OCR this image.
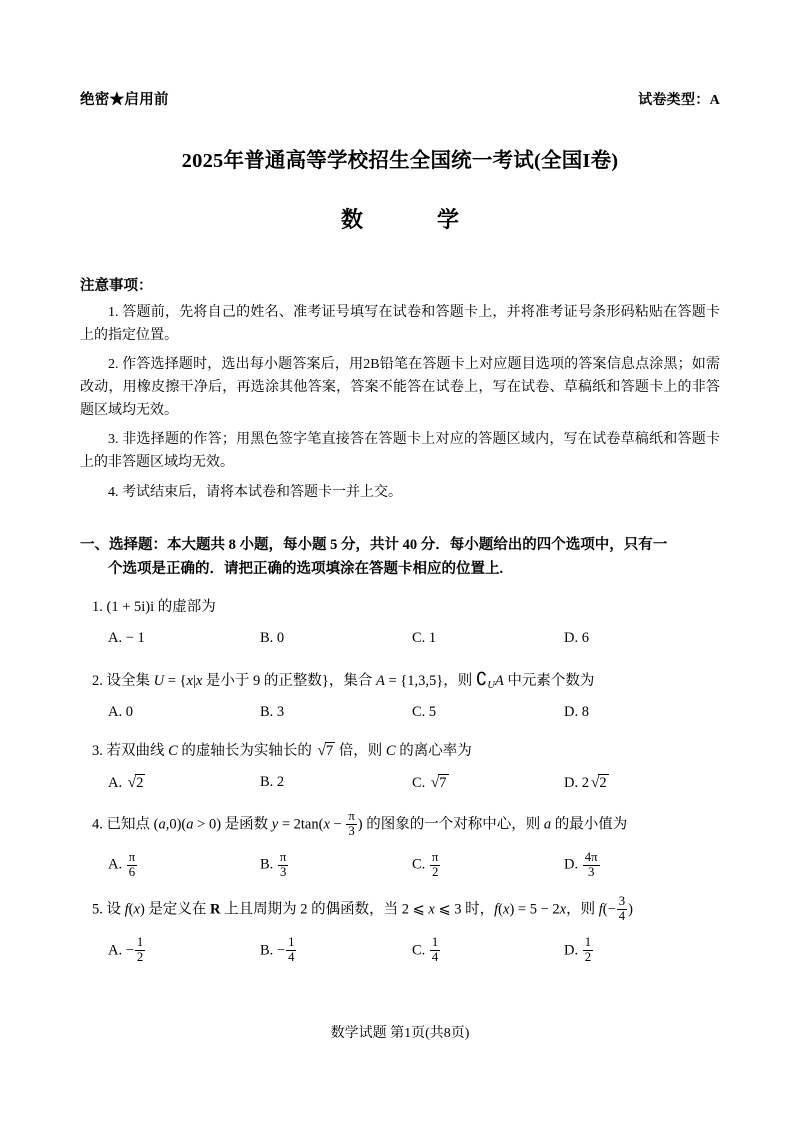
绝密★启用前	试卷类型：A
2025年普通高等学校招生全国统一考试(全国I卷)
数　学
注意事项：
1. 答题前，先将自己的姓名、准考证号填写在试卷和答题卡上，并将准考证号条形码粘贴在答题卡上的指定位置。
2. 作答选择题时，选出每小题答案后，用2B铅笔在答题卡上对应题目选项的答案信息点涂黑；如需改动，用橡皮擦干净后，再选涂其他答案，答案不能答在试卷上，写在试卷、草稿纸和答题卡上的非答题区域均无效。
3. 非选择题的作答；用黑色签字笔直接答在答题卡上对应的答题区域内，写在试卷草稿纸和答题卡上的非答题区域均无效。
4. 考试结束后，请将本试卷和答题卡一并上交。
一、选择题：本大题共 8 小题，每小题 5 分，共计 40 分．每小题给出的四个选项中，只有一
个选项是正确的．请把正确的选项填涂在答题卡相应的位置上.
1. (1 + 5i)i 的虚部为
A. − 1	B. 0	C. 1	D. 6
2. 设全集 U = {x|x 是小于 9 的正整数}，集合 A = {1,3,5}，则 $∁_UA$ 中元素个数为
A. 0	B. 3	C. 5	D. 8
3. 若双曲线 C 的虚轴长为实轴长的 √7 倍，则 C 的离心率为
A. √2	B. 2	C. √7	D. 2 √2
4. 已知点 (a,0)(a > 0) 是函数 $y = 2\tan(x - \frac{\pi}{3}$ ) 的图象的一个对称中心，则 a 的最小值为
A. $\frac{\pi}{6}$	B. $\frac{\pi}{3}$	C. $\frac{\pi}{2}$	D. $\frac{4\pi}{3}$
5. 设 f(x) 是定义在 R 上且周期为 2 的偶函数，当 2 ⩽ x ⩽ 3 时，f(x) = 5 − 2x，则 $f(- \frac{3}{4}$ )
A. − $\frac{1}{2}$	B. − $\frac{1}{4}$	C. $\frac{1}{4}$	D. $\frac{1}{2}$
数学试题 第1页(共8页)
